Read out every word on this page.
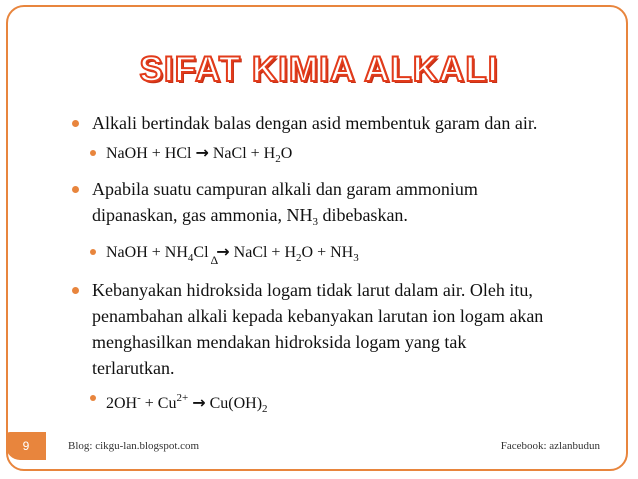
SIFAT KIMIA ALKALI
Alkali bertindak balas dengan asid membentuk garam dan air.
NaOH + HCl → NaCl + $H_2O$
Apabila suatu campuran alkali dan garam ammonium
dipanaskan, gas ammonia, $NH_3$ dibebaskan.
NaOH + $NH_4Cl$ $_\Delta$→ NaCl + $H_2O + NH_3$
Kebanyakan hidroksida logam tidak larut dalam air. Oleh itu,
penambahan alkali kepada kebanyakan larutan ion logam akan
menghasilkan mendakan hidroksida logam yang tak
terlarutkan.
$2OH^- + Cu^{2+} \to Cu(OH)_2$
9	Blog: cikgu-lan.blogspot.com	Facebook: azlanbudun
